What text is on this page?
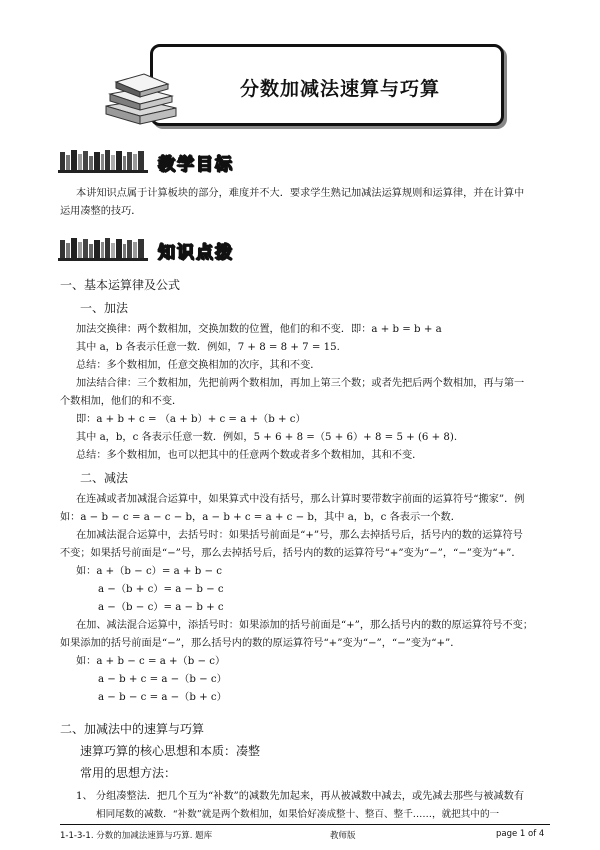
分数加减法速算与巧算
教学目标
本讲知识点属于计算板块的部分，难度并不大．要求学生熟记加减法运算规则和运算律，并在计算中
运用凑整的技巧．
知识点拨
一、基本运算律及公式
一、加法
加法交换律：两个数相加，交换加数的位置，他们的和不变．即：a + b = b + a
其中 a，b 各表示任意一数．例如，7 + 8 = 8 + 7 = 15.
总结：多个数相加，任意交换相加的次序，其和不变．
加法结合律：三个数相加，先把前两个数相加，再加上第三个数；或者先把后两个数相加，再与第一
个数相加，他们的和不变．
即：a + b + c = （a + b）+ c = a +（b + c）
其中 a，b，c 各表示任意一数．例如，5 + 6 + 8 =（5 + 6）+ 8 = 5 + (6 + 8).
总结：多个数相加，也可以把其中的任意两个数或者多个数相加，其和不变．
二、减法
在连减或者加减混合运算中，如果算式中没有括号，那么计算时要带数字前面的运算符号“搬家”．例
如：a − b − c = a − c − b，a − b + c = a + c − b，其中 a，b，c 各表示一个数．
在加减法混合运算中，去括号时：如果括号前面是“+”号，那么去掉括号后，括号内的数的运算符号
不变；如果括号前面是“−”号，那么去掉括号后，括号内的数的运算符号“+”变为“−”，“−”变为“+”．
如：a +（b − c）= a + b − c
a −（b + c）= a − b − c
a −（b − c）= a − b + c
在加、减法混合运算中，添括号时：如果添加的括号前面是“+”，那么括号内的数的原运算符号不变；
如果添加的括号前面是“−”，那么括号内的数的原运算符号“+”变为“−”，“−”变为“+”．
如：a + b − c = a +（b − c）
a − b + c = a −（b − c）
a − b − c = a −（b + c）
二、加减法中的速算与巧算
速算巧算的核心思想和本质：凑整
常用的思想方法：
1、 分组凑整法．把几个互为“补数”的减数先加起来，再从被减数中减去，或先减去那些与被减数有
相同尾数的减数．“补数”就是两个数相加，如果恰好凑成整十、整百、整千……，就把其中的一
1-1-3-1. 分数的加减法速算与巧算. 题库	教师版	page 1 of 4
